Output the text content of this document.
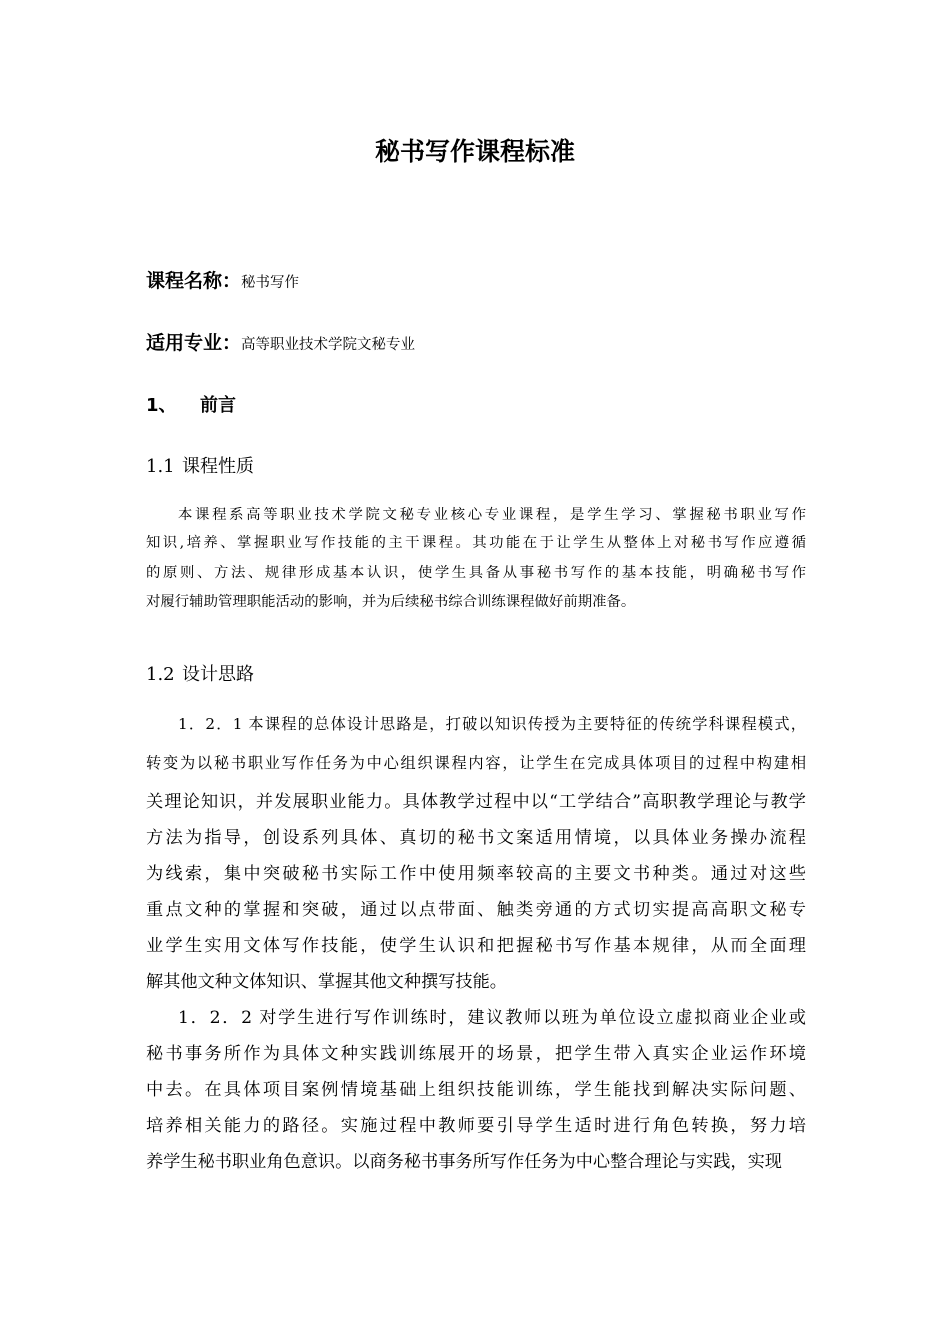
秘书写作课程标准
课程名称：秘书写作
适用专业：高等职业技术学院文秘专业
1、 前言
1.1 课程性质
本课程系高等职业技术学院文秘专业核心专业课程，是学生学习、掌握秘书职业写作
知识,培养、掌握职业写作技能的主干课程。其功能在于让学生从整体上对秘书写作应遵循
的原则、方法、规律形成基本认识，使学生具备从事秘书写作的基本技能，明确秘书写作
对履行辅助管理职能活动的影响，并为后续秘书综合训练课程做好前期准备。
1.2 设计思路
1．2．1 本课程的总体设计思路是，打破以知识传授为主要特征的传统学科课程模式，
转变为以秘书职业写作任务为中心组织课程内容，让学生在完成具体项目的过程中构建相
关理论知识，并发展职业能力。具体教学过程中以“工学结合”高职教学理论与教学
方法为指导，创设系列具体、真切的秘书文案适用情境，以具体业务操办流程
为线索，集中突破秘书实际工作中使用频率较高的主要文书种类。通过对这些
重点文种的掌握和突破，通过以点带面、触类旁通的方式切实提高高职文秘专
业学生实用文体写作技能，使学生认识和把握秘书写作基本规律，从而全面理
解其他文种文体知识、掌握其他文种撰写技能。
1．2．2 对学生进行写作训练时，建议教师以班为单位设立虚拟商业企业或
秘书事务所作为具体文种实践训练展开的场景，把学生带入真实企业运作环境
中去。在具体项目案例情境基础上组织技能训练，学生能找到解决实际问题、
培养相关能力的路径。实施过程中教师要引导学生适时进行角色转换，努力培
养学生秘书职业角色意识。以商务秘书事务所写作任务为中心整合理论与实践，实现
